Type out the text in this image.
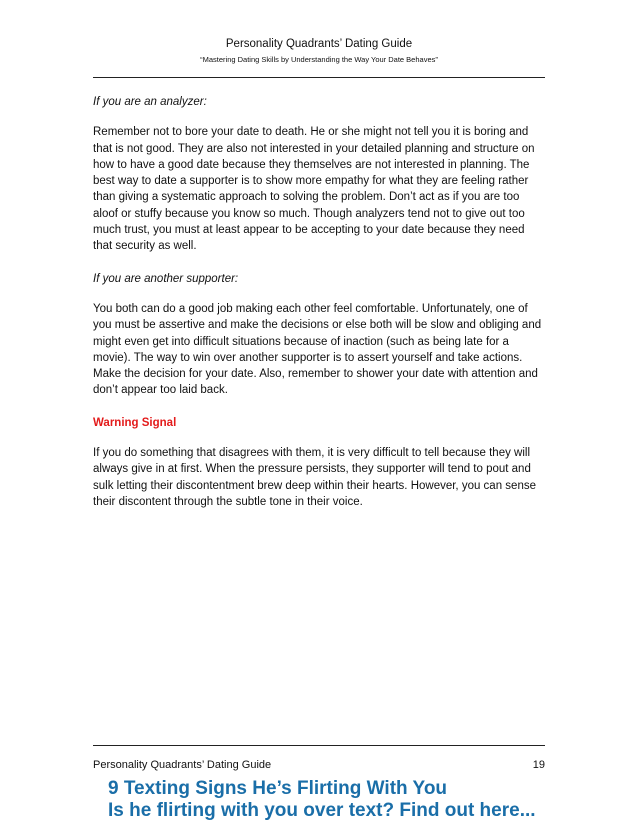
Personality Quadrants’ Dating Guide
“Mastering Dating Skills by Understanding the Way Your Date Behaves”

If you are an analyzer:

Remember not to bore your date to death. He or she might not tell you it is boring and that is not good. They are also not interested in your detailed planning and structure on how to have a good date because they themselves are not interested in planning. The best way to date a supporter is to show more empathy for what they are feeling rather than giving a systematic approach to solving the problem. Don’t act as if you are too aloof or stuffy because you know so much. Though analyzers tend not to give out too much trust, you must at least appear to be accepting to your date because they need that security as well.

If you are another supporter:

You both can do a good job making each other feel comfortable. Unfortunately, one of you must be assertive and make the decisions or else both will be slow and obliging and might even get into difficult situations because of inaction (such as being late for a movie). The way to win over another supporter is to assert yourself and take actions. Make the decision for your date. Also, remember to shower your date with attention and don’t appear too laid back.

Warning Signal

If you do something that disagrees with them, it is very difficult to tell because they will always give in at first. When the pressure persists, they supporter will tend to pout and sulk letting their discontentment brew deep within their hearts. However, you can sense their discontent through the subtle tone in their voice.

Personality Quadrants’ Dating Guide	19
9 Texting Signs He’s Flirting With You
Is he flirting with you over text? Find out here...
